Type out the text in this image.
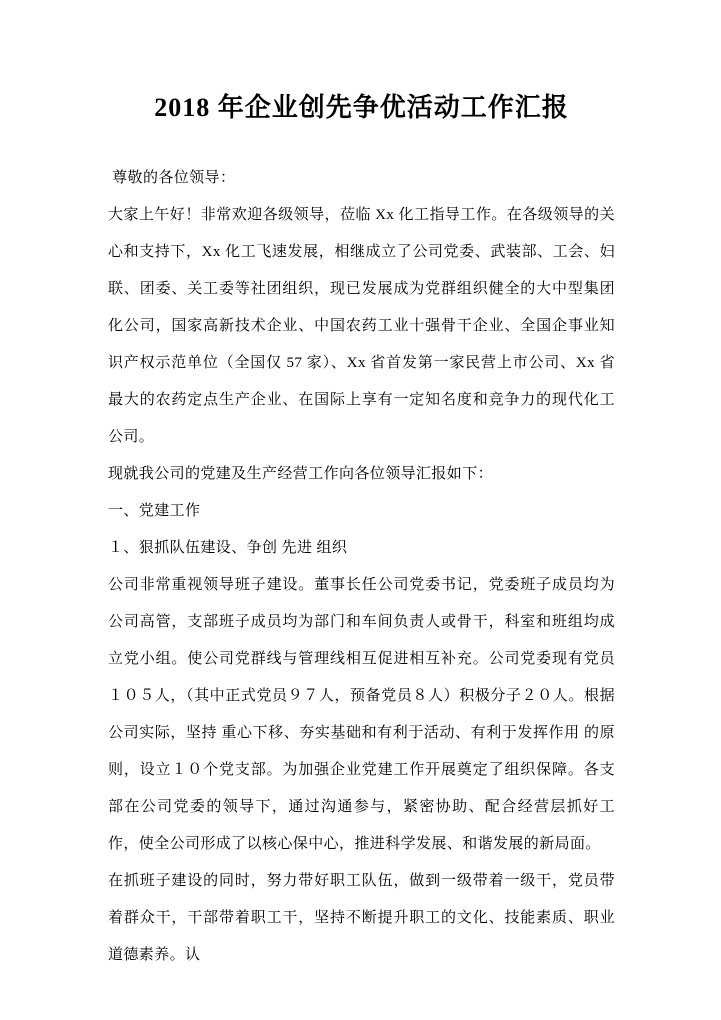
2018 年企业创先争优活动工作汇报

尊敬的各位领导：

大家上午好！非常欢迎各级领导，莅临 Xx 化工指导工作。在各级领导的关心和支持下，Xx 化工飞速发展，相继成立了公司党委、武装部、工会、妇联、团委、关工委等社团组织，现已发展成为党群组织健全的大中型集团化公司，国家高新技术企业、中国农药工业十强骨干企业、全国企事业知识产权示范单位（全国仅 57 家）、Xx 省首发第一家民营上市公司、Xx 省最大的农药定点生产企业、在国际上享有一定知名度和竞争力的现代化工公司。

现就我公司的党建及生产经营工作向各位领导汇报如下：

一、党建工作

１、狠抓队伍建设、争创 先进 组织

公司非常重视领导班子建设。董事长任公司党委书记，党委班子成员均为公司高管，支部班子成员均为部门和车间负责人或骨干，科室和班组均成立党小组。使公司党群线与管理线相互促进相互补充。公司党委现有党员１０５人，（其中正式党员９７人，预备党员８人）积极分子２０人。根据公司实际，坚持 重心下移、夯实基础和有利于活动、有利于发挥作用 的原则，设立１０个党支部。为加强企业党建工作开展奠定了组织保障。各支部在公司党委的领导下，通过沟通参与，紧密协助、配合经营层抓好工作，使全公司形成了以核心保中心，推进科学发展、和谐发展的新局面。

在抓班子建设的同时，努力带好职工队伍，做到一级带着一级干，党员带着群众干，干部带着职工干，坚持不断提升职工的文化、技能素质、职业道德素养。认
